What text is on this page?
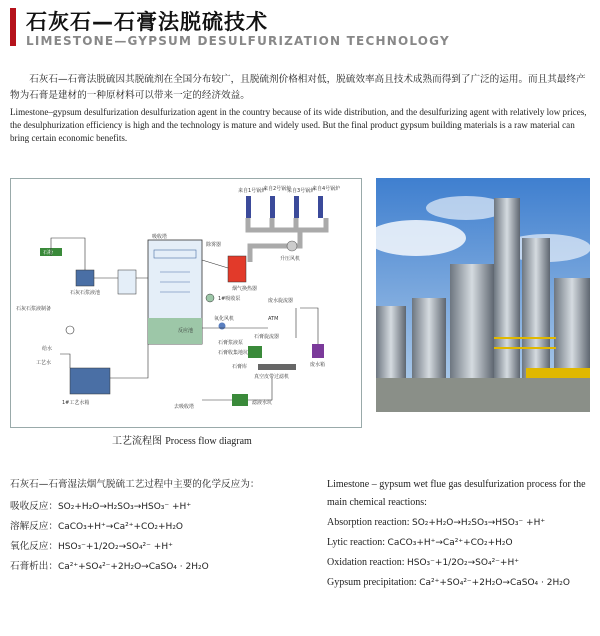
石灰石—石膏法脱硫技术
LIMESTONE—GYPSUM DESULFURIZATION TECHNOLOGY

石灰石—石膏法脱硫因其脱硫剂在全国分布较广，且脱硫剂价格相对低，脱硫效率高且技术成熟而得到了广泛的运用。而且其最终产物为石膏是建材的一种原材料可以带来一定的经济效益。

Limestone–gypsum desulfurization desulfurization agent in the country because of its wide distribution, and the desulfurizing agent with relatively low prices, the desulphurization efficiency is high and the technology is mature and widely used. But the final product gypsum building materials is a raw material can bring certain economic benefits.

来自1号锅炉
来自2号锅炉
来自3号锅炉
来自4号锅炉
升压风机
烟气换热器
反应池
吸收塔
除雾器
1#吸收泵
石粉
石灰石浆液池
石灰石浆液制备
氧化风机	ATM
废水旋流器
石膏旋流器
石膏浆液泵
石膏收集地坑
石膏库
真空皮带过滤机
废水箱
给水
工艺水
1#工艺水箱
去吸收塔
滤液水坑
工艺流程图 Process flow diagram
石灰石—石膏湿法烟气脱硫工艺过程中主要的化学反应为：
吸收反应：SO₂+H₂O→H₂SO₃→HSO₃⁻ +H⁺
溶解反应：CaCO₃+H⁺→Ca²⁺+CO₂+H₂O
氧化反应：HSO₃⁻+1/2O₂→SO₄²⁻ +H⁺
石膏析出：Ca²⁺+SO₄²⁻+2H₂O→CaSO₄ · 2H₂O
Limestone – gypsum wet flue gas desulfurization process for the
main chemical reactions:
Absorption reaction: SO₂+H₂O→H₂SO₃→HSO₃⁻ +H⁺
Lytic reaction: CaCO₃+H⁺→Ca²⁺+CO₂+H₂O
Oxidation reaction: HSO₃⁻+1/2O₂→SO₄²⁻+H⁺
Gypsum precipitation: Ca²⁺+SO₄²⁻+2H₂O→CaSO₄ · 2H₂O
